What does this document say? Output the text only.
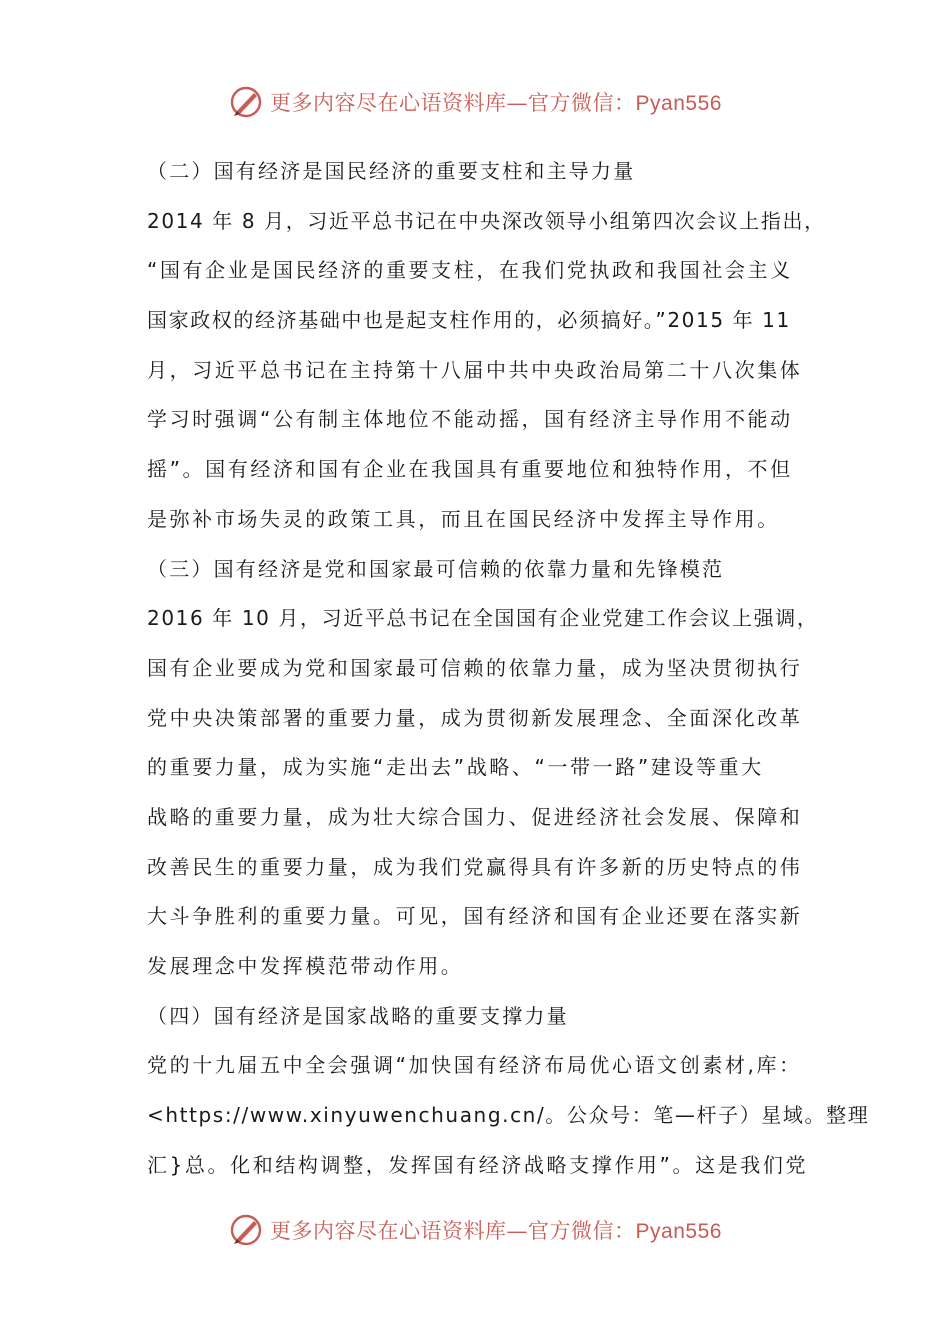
更多内容尽在心语资料库—官方微信：Pyan556
（二）国有经济是国民经济的重要支柱和主导力量
2014 年 8 月，习近平总书记在中央深改领导小组第四次会议上指出，
“国有企业是国民经济的重要支柱，在我们党执政和我国社会主义
国家政权的经济基础中也是起支柱作用的，必须搞好。”2015 年 11
月，习近平总书记在主持第十八届中共中央政治局第二十八次集体
学习时强调“公有制主体地位不能动摇，国有经济主导作用不能动
摇”。国有经济和国有企业在我国具有重要地位和独特作用，不但
是弥补市场失灵的政策工具，而且在国民经济中发挥主导作用。
（三）国有经济是党和国家最可信赖的依靠力量和先锋模范
2016 年 10 月，习近平总书记在全国国有企业党建工作会议上强调，
国有企业要成为党和国家最可信赖的依靠力量，成为坚决贯彻执行
党中央决策部署的重要力量，成为贯彻新发展理念、全面深化改革
的重要力量，成为实施“走出去”战略、“一带一路”建设等重大
战略的重要力量，成为壮大综合国力、促进经济社会发展、保障和
改善民生的重要力量，成为我们党赢得具有许多新的历史特点的伟
大斗争胜利的重要力量。可见，国有经济和国有企业还要在落实新
发展理念中发挥模范带动作用。
（四）国有经济是国家战略的重要支撑力量
党的十九届五中全会强调“加快国有经济布局优心语文创素材,库：
<https://www.xinyuwenchuang.cn/。公众号：笔—杆子）星域。整理
汇}总。化和结构调整，发挥国有经济战略支撑作用”。这是我们党
更多内容尽在心语资料库—官方微信：Pyan556
